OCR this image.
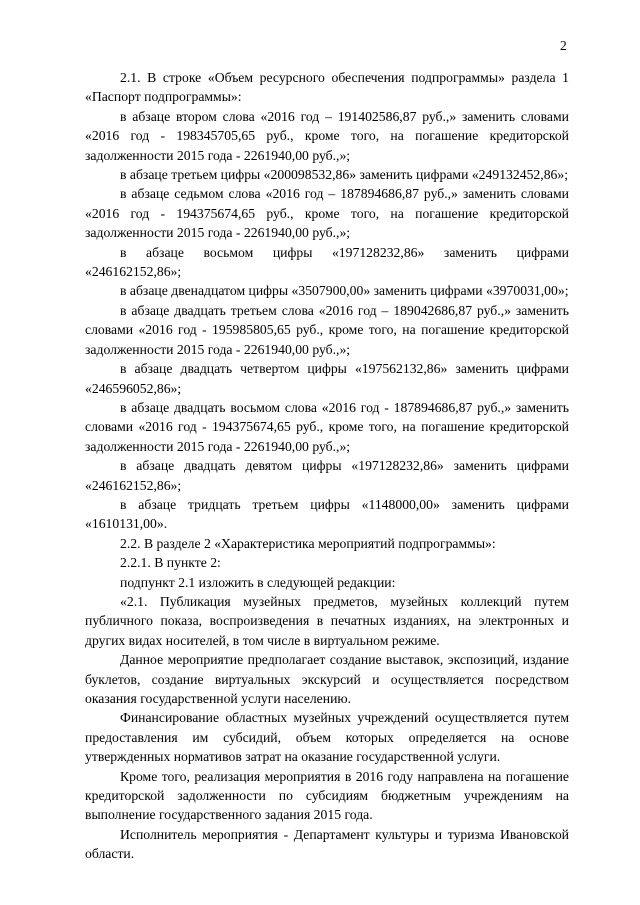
2

2.1. В строке «Объем ресурсного обеспечения подпрограммы» раздела 1 «Паспорт подпрограммы»:

в абзаце втором слова «2016 год – 191402586,87 руб.,» заменить словами «2016 год - 198345705,65 руб., кроме того, на погашение кредиторской задолженности 2015 года - 2261940,00 руб.,»;

в абзаце третьем цифры «200098532,86» заменить цифрами «249132452,86»;

в абзаце седьмом слова «2016 год – 187894686,87 руб.,» заменить словами «2016 год - 194375674,65 руб., кроме того, на погашение кредиторской задолженности 2015 года - 2261940,00 руб.,»;

в абзаце восьмом цифры «197128232,86» заменить цифрами «246162152,86»;

в абзаце двенадцатом цифры «3507900,00» заменить цифрами «3970031,00»;

в абзаце двадцать третьем слова «2016 год – 189042686,87 руб.,» заменить словами «2016 год - 195985805,65 руб., кроме того, на погашение кредиторской задолженности 2015 года - 2261940,00 руб.,»;

в абзаце двадцать четвертом цифры «197562132,86» заменить цифрами «246596052,86»;

в абзаце двадцать восьмом слова «2016 год - 187894686,87 руб.,» заменить словами «2016 год - 194375674,65 руб., кроме того, на погашение кредиторской задолженности 2015 года - 2261940,00 руб.,»;

в абзаце двадцать девятом цифры «197128232,86» заменить цифрами «246162152,86»;

в абзаце тридцать третьем цифры «1148000,00» заменить цифрами «1610131,00».

2.2. В разделе 2 «Характеристика мероприятий подпрограммы»:

2.2.1. В пункте 2:

подпункт 2.1 изложить в следующей редакции:

«2.1. Публикация музейных предметов, музейных коллекций путем публичного показа, воспроизведения в печатных изданиях, на электронных и других видах носителей, в том числе в виртуальном режиме.

Данное мероприятие предполагает создание выставок, экспозиций, издание буклетов, создание виртуальных экскурсий и осуществляется посредством оказания государственной услуги населению.

Финансирование областных музейных учреждений осуществляется путем предоставления им субсидий, объем которых определяется на основе утвержденных нормативов затрат на оказание государственной услуги.

Кроме того, реализация мероприятия в 2016 году направлена на погашение кредиторской задолженности по субсидиям бюджетным учреждениям на выполнение государственного задания 2015 года.

Исполнитель мероприятия - Департамент культуры и туризма Ивановской области.
